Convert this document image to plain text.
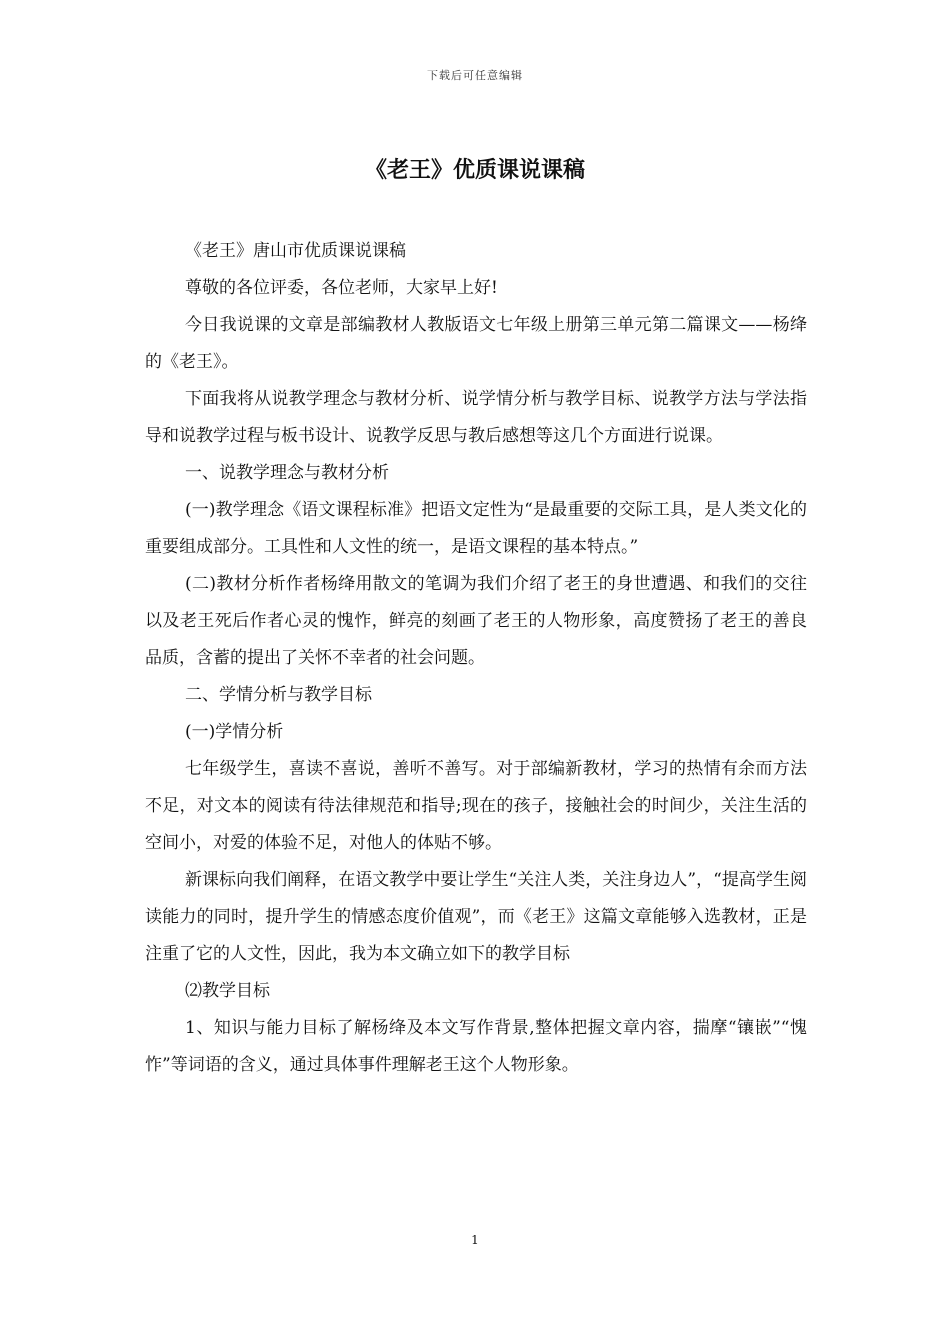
下载后可任意编辑
《老王》优质课说课稿

《老王》唐山市优质课说课稿

尊敬的各位评委，各位老师，大家早上好!

今日我说课的文章是部编教材人教版语文七年级上册第三单元第二篇课文——杨绛的《老王》。

下面我将从说教学理念与教材分析、说学情分析与教学目标、说教学方法与学法指导和说教学过程与板书设计、说教学反思与教后感想等这几个方面进行说课。

一、说教学理念与教材分析

(一)教学理念《语文课程标准》把语文定性为“是最重要的交际工具，是人类文化的重要组成部分。工具性和人文性的统一，是语文课程的基本特点。”

(二)教材分析作者杨绛用散文的笔调为我们介绍了老王的身世遭遇、和我们的交往以及老王死后作者心灵的愧怍，鲜亮的刻画了老王的人物形象，高度赞扬了老王的善良品质，含蓄的提出了关怀不幸者的社会问题。

二、学情分析与教学目标

(一)学情分析

七年级学生，喜读不喜说，善听不善写。对于部编新教材，学习的热情有余而方法不足，对文本的阅读有待法律规范和指导;现在的孩子，接触社会的时间少，关注生活的空间小，对爱的体验不足，对他人的体贴不够。

新课标向我们阐释，在语文教学中要让学生“关注人类，关注身边人”，“提高学生阅读能力的同时，提升学生的情感态度价值观”，而《老王》这篇文章能够入选教材，正是注重了它的人文性，因此，我为本文确立如下的教学目标

⑵教学目标

1、知识与能力目标了解杨绛及本文写作背景,整体把握文章内容，揣摩“镶嵌”“愧怍”等词语的含义，通过具体事件理解老王这个人物形象。

1
